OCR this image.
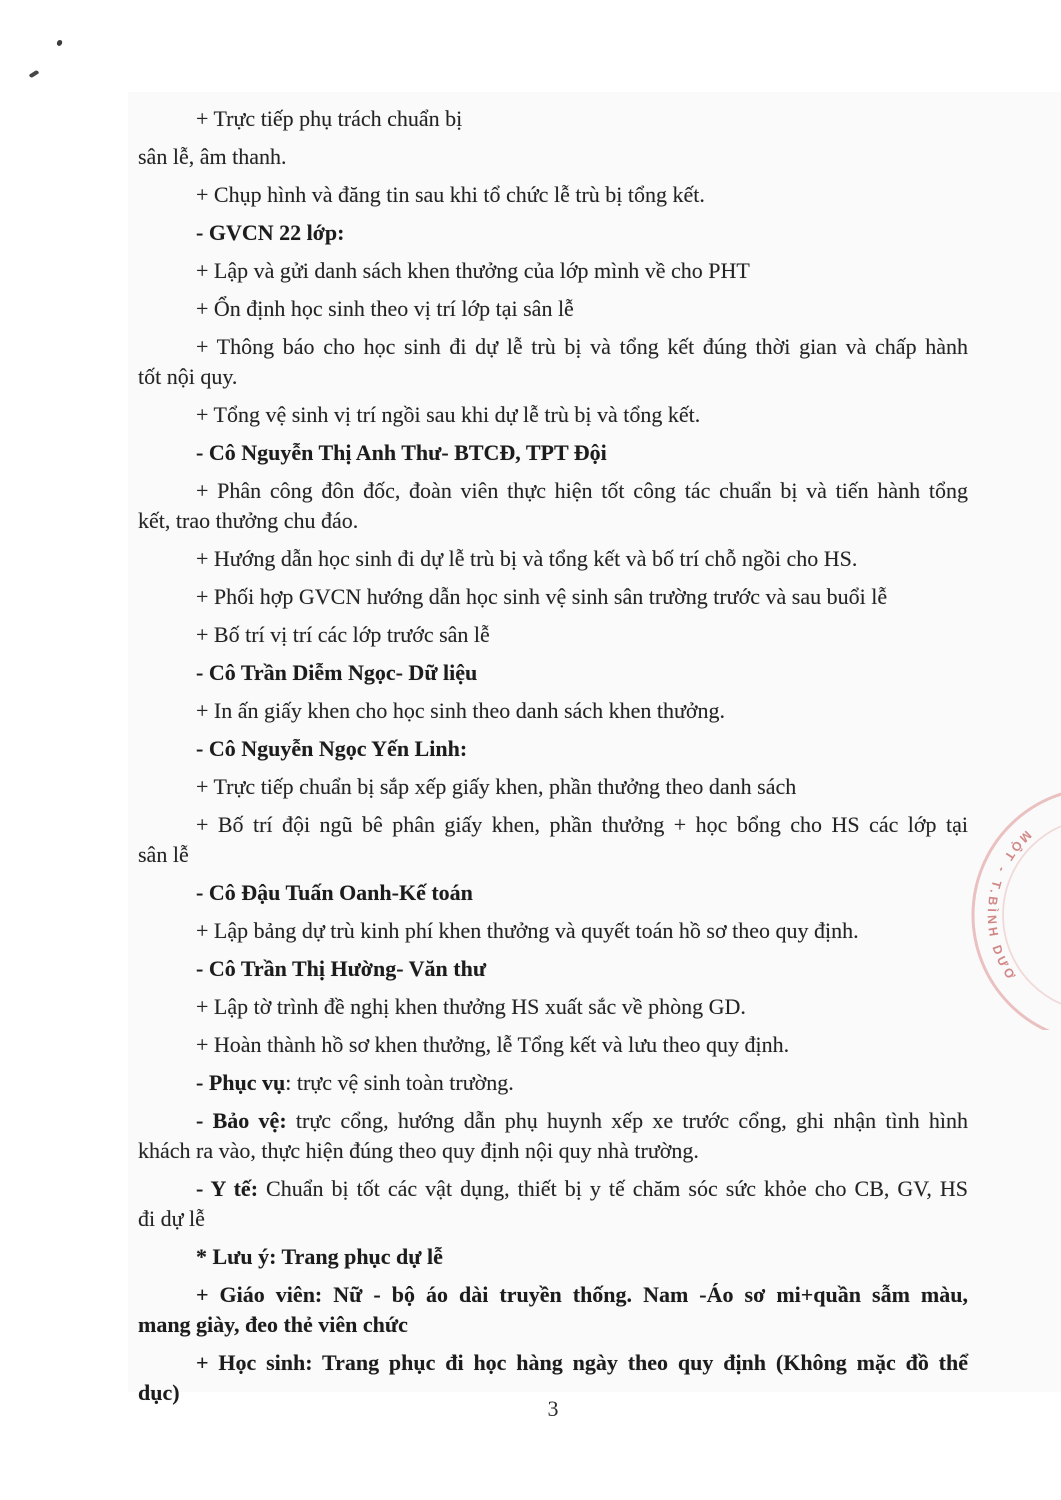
+ Trực tiếp phụ trách chuẩn bị
sân lễ, âm thanh.
+ Chụp hình và đăng tin sau khi tổ chức lễ trù bị tổng kết.
- GVCN 22 lớp:
+ Lập và gửi danh sách khen thưởng của lớp mình về cho PHT
+ Ổn định học sinh theo vị trí lớp tại sân lễ
+ Thông báo cho học sinh đi dự lễ trù bị và tổng kết đúng thời gian và chấp hành
tốt nội quy.
+ Tổng vệ sinh vị trí ngồi sau khi dự lễ trù bị và tổng kết.
- Cô Nguyễn Thị Anh Thư- BTCĐ, TPT Đội
+ Phân công đôn đốc, đoàn viên thực hiện tốt công tác chuẩn bị và tiến hành tổng
kết, trao thưởng chu đáo.
+ Hướng dẫn học sinh đi dự lễ trù bị và tổng kết và bố trí chỗ ngồi cho HS.
+ Phối hợp GVCN hướng dẫn học sinh vệ sinh sân trường trước và sau buổi lễ
+ Bố trí vị trí các lớp trước sân lễ
- Cô Trần Diễm Ngọc- Dữ liệu
+ In ấn giấy khen cho học sinh theo danh sách khen thưởng.
- Cô Nguyễn Ngọc Yến Linh:
+ Trực tiếp chuẩn bị sắp xếp giấy khen, phần thưởng theo danh sách
+ Bố trí đội ngũ bê phân giấy khen, phần thưởng + học bổng cho HS các lớp tại
sân lễ
- Cô Đậu Tuấn Oanh-Kế toán
+ Lập bảng dự trù kinh phí khen thưởng và quyết toán hồ sơ theo quy định.
- Cô Trần Thị Hường- Văn thư
+ Lập tờ trình đề nghị khen thưởng HS xuất sắc về phòng GD.
+ Hoàn thành hồ sơ khen thưởng, lễ Tổng kết và lưu theo quy định.
- Phục vụ: trực vệ sinh toàn trường.
- Bảo vệ: trực cổng, hướng dẫn phụ huynh xếp xe trước cổng, ghi nhận tình hình
khách ra vào, thực hiện đúng theo quy định nội quy nhà trường.
- Y tế: Chuẩn bị tốt các vật dụng, thiết bị y tế chăm sóc sức khỏe cho CB, GV, HS
đi dự lễ
* Lưu ý: Trang phục dự lễ
+ Giáo viên: Nữ - bộ áo dài truyền thống. Nam -Áo sơ mi+quần sẫm màu,
mang giày, đeo thẻ viên chức
+ Học sinh: Trang phục đi học hàng ngày theo quy định (Không mặc đồ thể
dục)
3
MỘT - T.BÌNH DƯƠ
